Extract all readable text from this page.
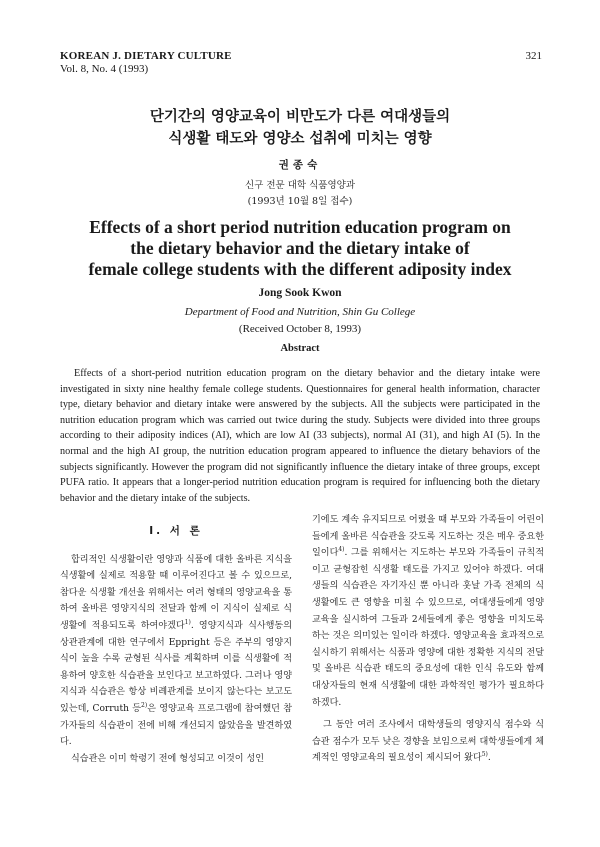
KOREAN J. DIETARY CULTURE
Vol. 8, No. 4 (1993)
321
단기간의 영양교육이 비만도가 다른 여대생들의
식생활 태도와 영양소 섭취에 미치는 영향
권종숙
신구 전문 대학 식품영양과
(1993년 10월 8일 접수)
Effects of a short period nutrition education program on
the dietary behavior and the dietary intake of
female college students with the different adiposity index
Jong Sook Kwon
Department of Food and Nutrition, Shin Gu College
(Received October 8, 1993)
Abstract

Effects of a short-period nutrition education program on the dietary behavior and the dietary intake were investigated in sixty nine healthy female college students. Questionnaires for general health information, character type, dietary behavior and dietary intake were answered by the subjects. All the subjects were participated in the nutrition education program which was carried out twice during the study. Subjects were divided into three groups according to their adiposity indices (AI), which are low AI (33 subjects), normal AI (31), and high AI (5). In the normal and the high AI group, the nutrition education program appeared to influence the dietary behaviors of the subjects significantly. However the program did not significantly influence the dietary intake of three groups, except PUFA ratio. It appears that a longer-period nutrition education program is required for influencing both the dietary behavior and the dietary intake of the subjects.

I. 서 론

합리적인 식생활이란 영양과 식품에 대한 올바른 지식을 식생활에 실제로 적용할 때 이루어진다고 볼 수 있으므로, 참다운 식생활 개선을 위해서는 여러 형태의 영양교육을 통하여 올바른 영양지식의 전달과 함께 이 지식이 실제로 식생활에 적용되도록 하여야겠다$^{1)}$. 영양지식과 식사행동의 상관관계에 대한 연구에서 Eppright 등은 주부의 영양지식이 높을 수록 균형된 식사를 계획하며 이를 식생활에 적용하여 양호한 식습관을 보인다고 보고하였다. 그러나 영양지식과 식습관은 항상 비례관계를 보이지 않는다는 보고도 있는데, Corruth 등$^{2)}$은 영양교육 프로그램에 참여했던 참가자들의 식습관이 전에 비해 개선되지 않았음을 발견하였다.

식습관은 이미 학령기 전에 형성되고 이것이 성인

기에도 계속 유지되므로 어렸을 때 부모와 가족들이 어린이들에게 올바른 식습관을 갖도록 지도하는 것은 매우 중요한 일이다$^{4)}$. 그를 위해서는 지도하는 부모와 가족들이 규칙적이고 균형잡힌 식생활 태도를 가지고 있어야 하겠다. 여대생들의 식습관은 자기자신 뿐 아니라 훗날 가족 전체의 식생활에도 큰 영향을 미칠 수 있으므로, 여대생들에게 영양교육을 실시하여 그들과 2세들에게 좋은 영향을 미치도록 하는 것은 의미있는 일이라 하겠다. 영양교육을 효과적으로 실시하기 위해서는 식품과 영양에 대한 정확한 지식의 전달 및 올바른 식습관 태도의 중요성에 대한 인식 유도와 함께 대상자들의 현재 식생활에 대한 과학적인 평가가 필요하다 하겠다.

그 동안 여러 조사에서 대학생들의 영양지식 점수와 식습관 점수가 모두 낮은 경향을 보임으로써 대학생들에게 체계적인 영양교육의 필요성이 제시되어 왔다$^{5)}$.
